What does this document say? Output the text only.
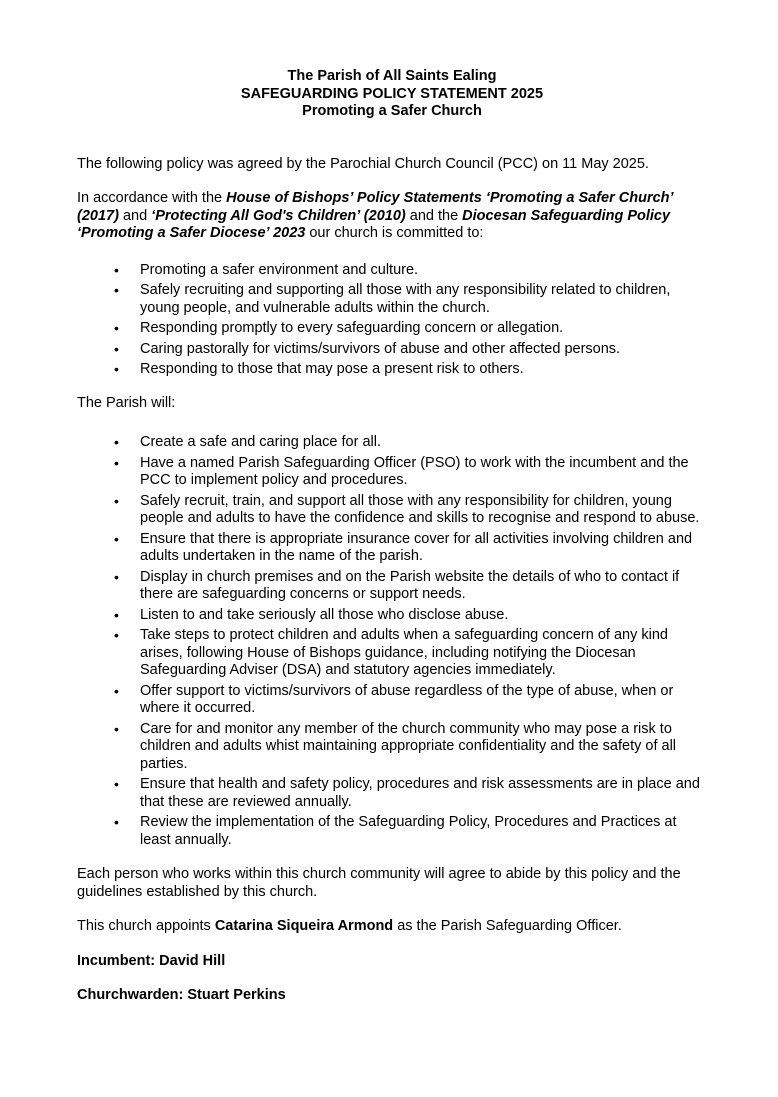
The Parish of All Saints Ealing
SAFEGUARDING POLICY STATEMENT 2025
Promoting a Safer Church

The following policy was agreed by the Parochial Church Council (PCC) on 11 May 2025.

In accordance with the House of Bishops’ Policy Statements ‘Promoting a Safer Church’ (2017) and ‘Protecting All God's Children’ (2010) and the Diocesan Safeguarding Policy ‘Promoting a Safer Diocese’ 2023 our church is committed to:

• Promoting a safer environment and culture.
• Safely recruiting and supporting all those with any responsibility related to children, young people, and vulnerable adults within the church.
• Responding promptly to every safeguarding concern or allegation.
• Caring pastorally for victims/survivors of abuse and other affected persons.
• Responding to those that may pose a present risk to others.

The Parish will:

• Create a safe and caring place for all.
• Have a named Parish Safeguarding Officer (PSO) to work with the incumbent and the PCC to implement policy and procedures.
• Safely recruit, train, and support all those with any responsibility for children, young people and adults to have the confidence and skills to recognise and respond to abuse.
• Ensure that there is appropriate insurance cover for all activities involving children and adults undertaken in the name of the parish.
• Display in church premises and on the Parish website the details of who to contact if there are safeguarding concerns or support needs.
• Listen to and take seriously all those who disclose abuse.
• Take steps to protect children and adults when a safeguarding concern of any kind arises, following House of Bishops guidance, including notifying the Diocesan Safeguarding Adviser (DSA) and statutory agencies immediately.
• Offer support to victims/survivors of abuse regardless of the type of abuse, when or where it occurred.
• Care for and monitor any member of the church community who may pose a risk to children and adults whist maintaining appropriate confidentiality and the safety of all parties.
• Ensure that health and safety policy, procedures and risk assessments are in place and that these are reviewed annually.
• Review the implementation of the Safeguarding Policy, Procedures and Practices at least annually.

Each person who works within this church community will agree to abide by this policy and the guidelines established by this church.

This church appoints Catarina Siqueira Armond as the Parish Safeguarding Officer.

Incumbent: David Hill

Churchwarden: Stuart Perkins
